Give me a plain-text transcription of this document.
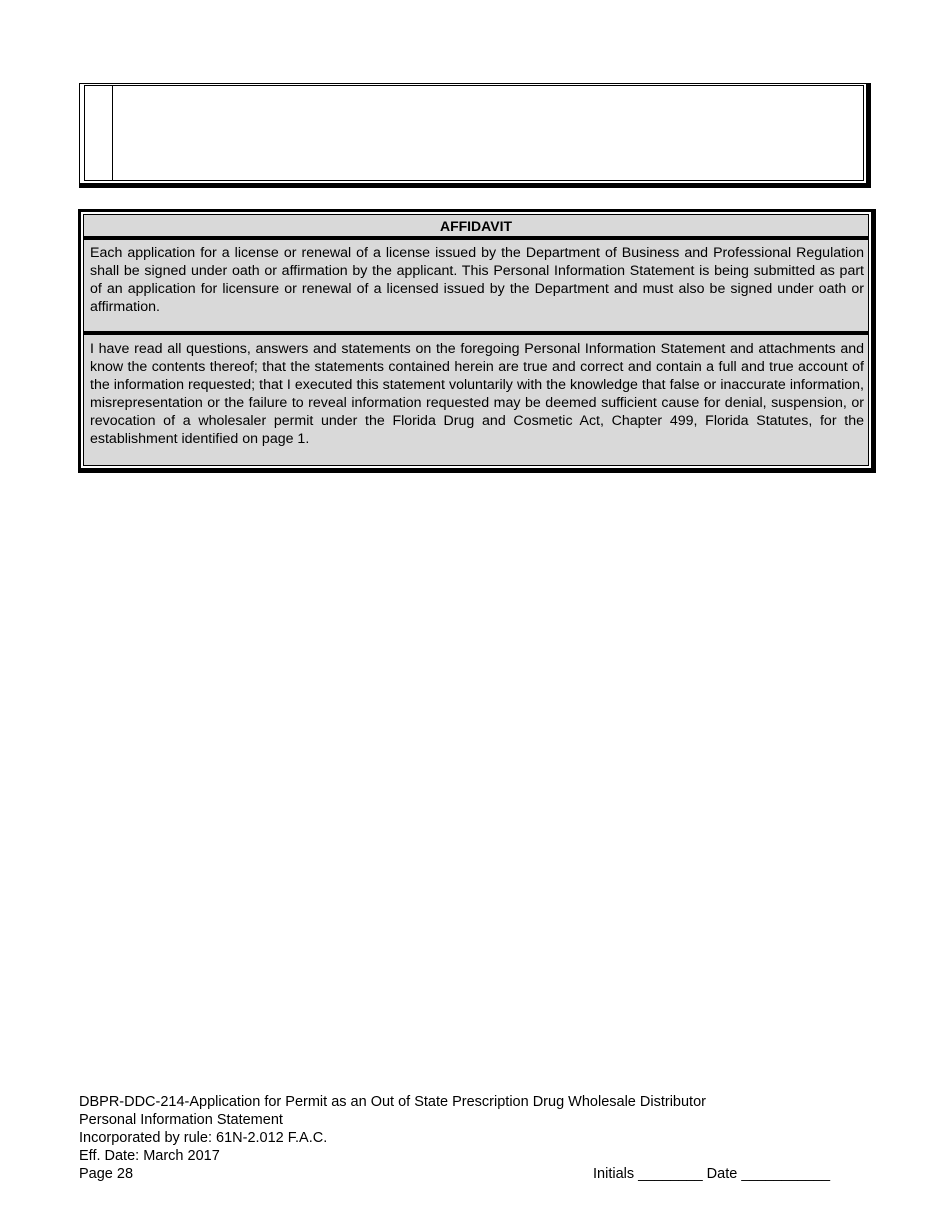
AFFIDAVIT
Each application for a license or renewal of a license issued by the Department of Business and Professional Regulation shall be signed under oath or affirmation by the applicant. This Personal Information Statement is being submitted as part of an application for licensure or renewal of a licensed issued by the Department and must also be signed under oath or affirmation.
I have read all questions, answers and statements on the foregoing Personal Information Statement and attachments and know the contents thereof; that the statements contained herein are true and correct and contain a full and true account of the information requested; that I executed this statement voluntarily with the knowledge that false or inaccurate information, misrepresentation or the failure to reveal information requested may be deemed sufficient cause for denial, suspension, or revocation of a wholesaler permit under the Florida Drug and Cosmetic Act, Chapter 499, Florida Statutes, for the establishment identified on page 1.
DBPR-DDC-214-Application for Permit as an Out of State Prescription Drug Wholesale Distributor
Personal Information Statement
Incorporated by rule: 61N-2.012 F.A.C.
Eff. Date: March 2017
Page 28	Initials ________ Date ___________
